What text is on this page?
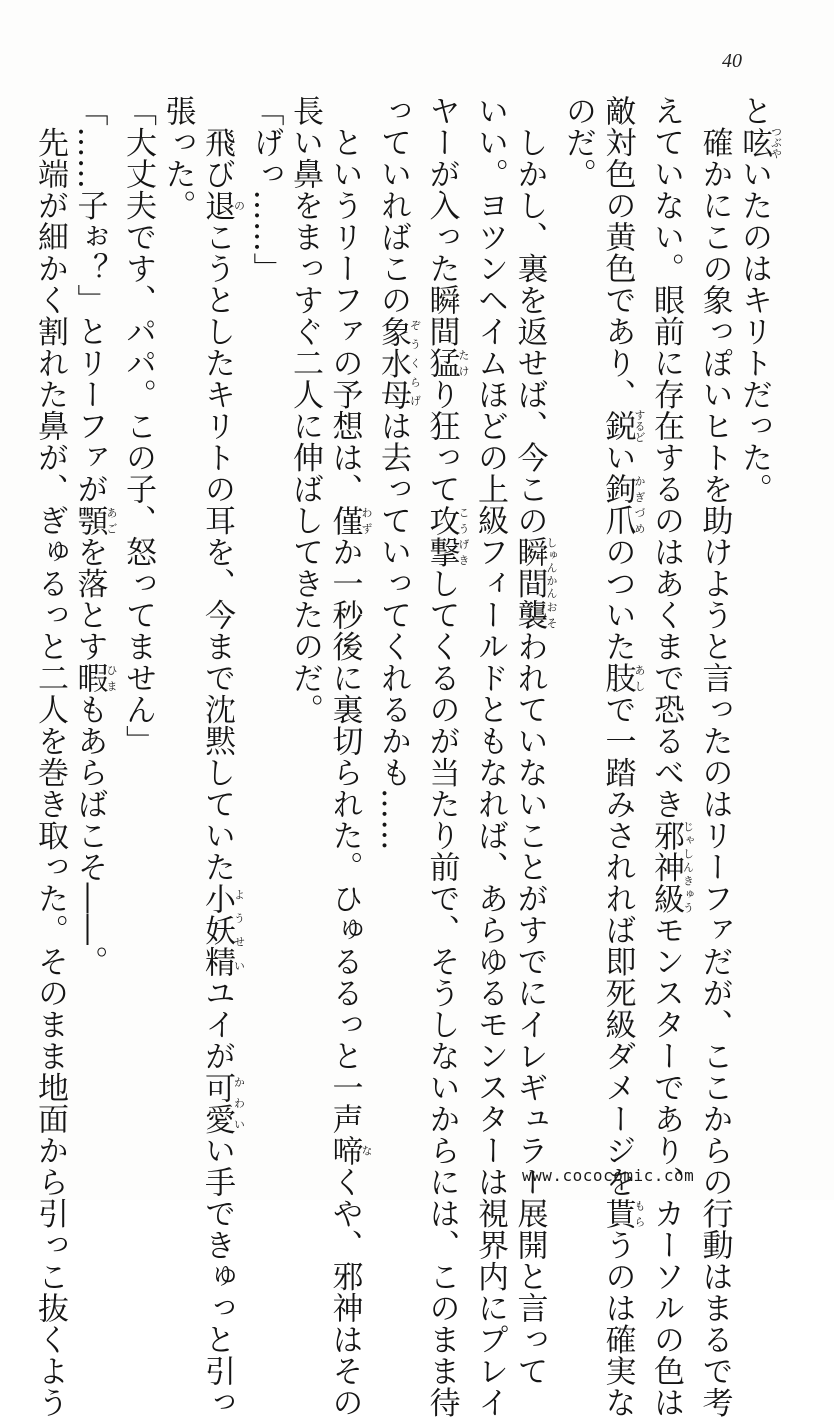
40
と呟つぶやいたのはキリトだった。
　確かにこの象っぽいヒトを助けようと言ったのはリーファだが、ここからの行動はまるで考
えていない。眼前に存在するのはあくまで恐るべき邪神級じゃしんきゅうモンスターであり、カーソルの色は
敵対色の黄色であり、鋭するどい鉤爪かぎづめのついた肢あしで一踏みされれば即死級ダメージを貰もらうのは確実な
のだ。
　しかし、裏を返せば、今この瞬間しゅんかん襲おそわれていないことがすでにイレギュラー展開と言って
いい。ヨツンヘイムほどの上級フィールドともなれば、あらゆるモンスターは視界内にプレイ
ヤーが入った瞬間猛たけり狂って攻撃こうげきしてくるのが当たり前で、そうしないからには、このまま待
っていればこの象水母ぞうくらげは去っていってくれるかも……
　というリーファの予想は、僅わずか一秒後に裏切られた。ひゅるるっと一声啼なくや、邪神はその
長い鼻をまっすぐ二人に伸ばしてきたのだ。
「げっ……」
　飛び退のこうとしたキリトの耳を、今まで沈黙していた小妖精ようせいユイが可愛かわいい手できゅっと引っ
張った。
「大丈夫です、パパ。この子、怒ってません」
「……子ぉ？」とリーファが顎あごを落とす暇ひまもあらばこそ――。
　先端が細かく割れた鼻が、ぎゅるっと二人を巻き取った。そのまま地面から引っこ抜くよう	www.cococomic.com
